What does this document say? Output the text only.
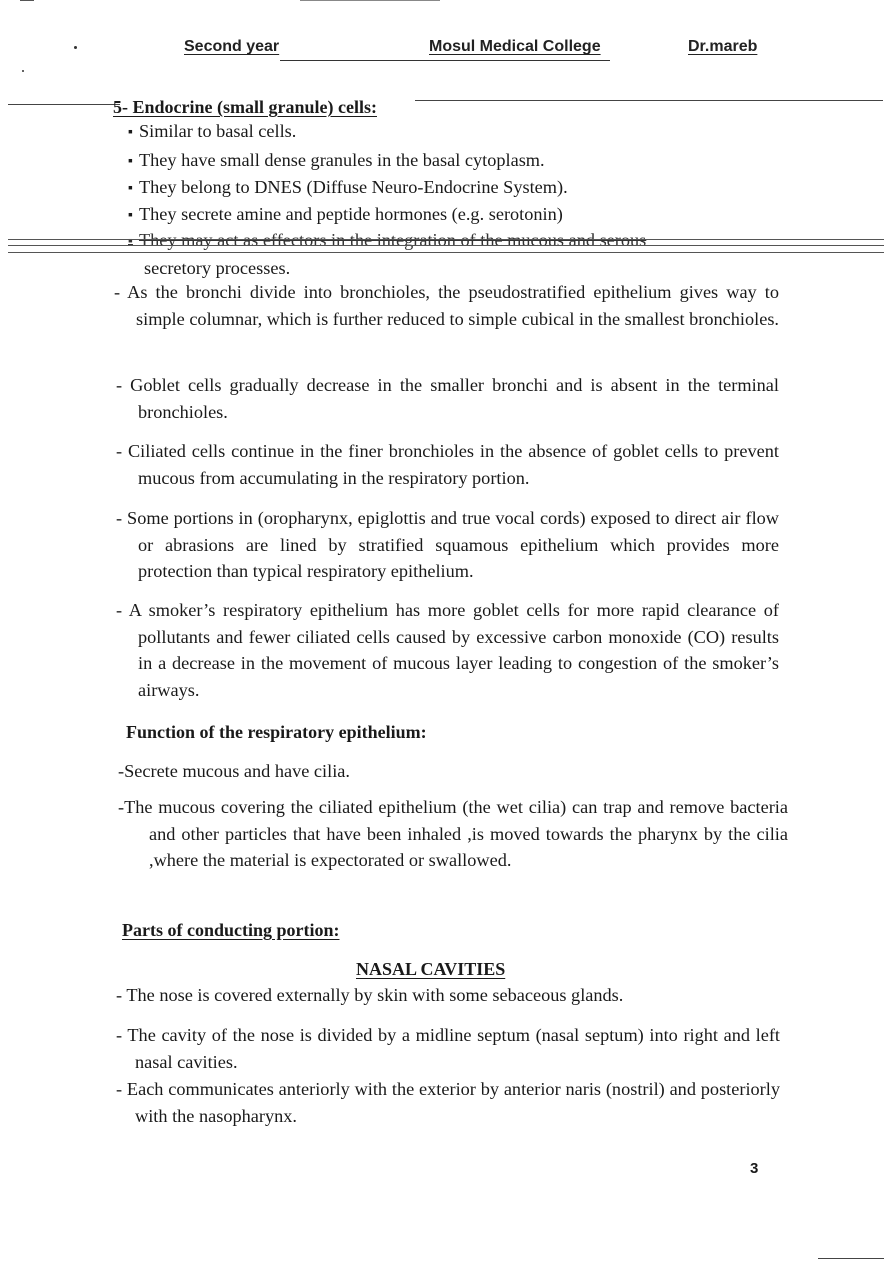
Second year	Mosul Medical College	Dr.mareb
5- Endocrine (small granule) cells:
▪ Similar to basal cells.
▪ They have small dense granules in the basal cytoplasm.
▪ They belong to DNES (Diffuse Neuro-Endocrine System).
▪ They secrete amine and peptide hormones (e.g. serotonin)
▪ They may act as effectors in the integration of the mucous and serous
secretory processes.

- As the bronchi divide into bronchioles, the pseudostratified epithelium gives way to simple columnar, which is further reduced to simple cubical in the smallest bronchioles.

- Goblet cells gradually decrease in the smaller bronchi and is absent in the terminal bronchioles.

- Ciliated cells continue in the finer bronchioles in the absence of goblet cells to prevent mucous from accumulating in the respiratory portion.

- Some portions in (oropharynx, epiglottis and true vocal cords) exposed to direct air flow or abrasions are lined by stratified squamous epithelium which provides more protection than typical respiratory epithelium.

- A smoker’s respiratory epithelium has more goblet cells for more rapid clearance of pollutants and fewer ciliated cells caused by excessive carbon monoxide (CO) results in a decrease in the movement of mucous layer leading to congestion of the smoker’s airways.

Function of the respiratory epithelium:

-Secrete mucous and have cilia.

-The mucous covering the ciliated epithelium (the wet cilia) can trap and remove bacteria and other particles that have been inhaled ,is moved towards the pharynx by the cilia ,where the material is expectorated or swallowed.

Parts of conducting portion:
NASAL CAVITIES

- The nose is covered externally by skin with some sebaceous glands.

- The cavity of the nose is divided by a midline septum (nasal septum) into right and left nasal cavities.

- Each communicates anteriorly with the exterior by anterior naris (nostril) and posteriorly with the nasopharynx.

3
